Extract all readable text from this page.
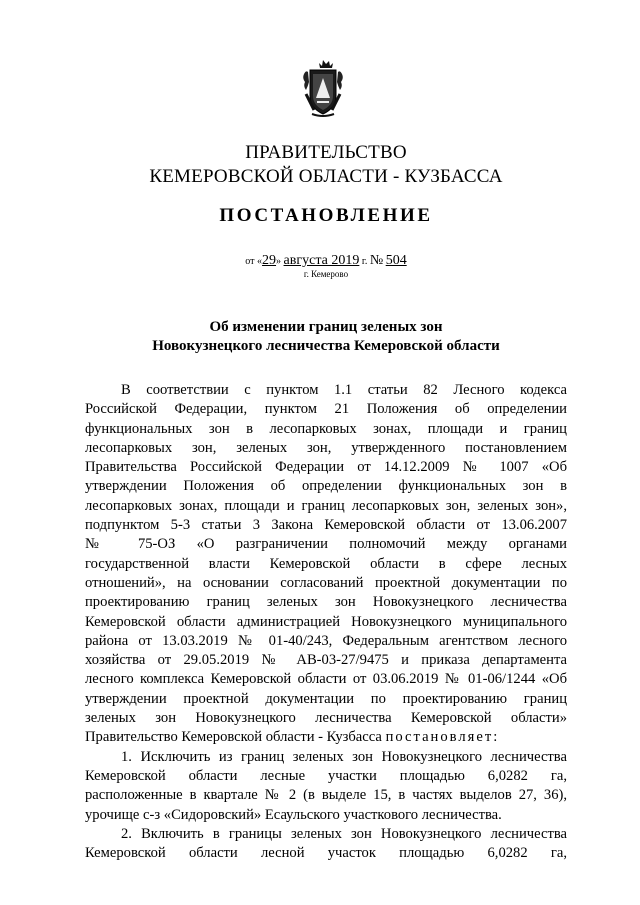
ПРАВИТЕЛЬСТВО
КЕМЕРОВСКОЙ ОБЛАСТИ - КУЗБАССА
ПОСТАНОВЛЕНИЕ
от «29» августа 2019 г. № 504
г. Кемерово
Об изменении границ зеленых зон
Новокузнецкого лесничества Кемеровской области
В соответствии с пунктом 1.1 статьи 82 Лесного кодекса
Российской Федерации, пунктом 21 Положения об определении
функциональных зон в лесопарковых зонах, площади и границ
лесопарковых зон, зеленых зон, утвержденного постановлением
Правительства Российской Федерации от 14.12.2009 № 1007 «Об
утверждении Положения об определении функциональных зон в
лесопарковых зонах, площади и границ лесопарковых зон, зеленых зон»,
подпунктом 5-3 статьи 3 Закона Кемеровской области от 13.06.2007
№ 75-ОЗ «О разграничении полномочий между органами
государственной власти Кемеровской области в сфере лесных
отношений», на основании согласований проектной документации по
проектированию границ зеленых зон Новокузнецкого лесничества
Кемеровской области администрацией Новокузнецкого муниципального
района от 13.03.2019 № 01-40/243, Федеральным агентством лесного
хозяйства от 29.05.2019 № АВ-03-27/9475 и приказа департамента
лесного комплекса Кемеровской области от 03.06.2019 № 01-06/1244 «Об
утверждении проектной документации по проектированию границ
зеленых зон Новокузнецкого лесничества Кемеровской области»
Правительство Кемеровской области - Кузбасса постановляет:
1. Исключить из границ зеленых зон Новокузнецкого лесничества
Кемеровской области лесные участки площадью 6,0282 га,
расположенные в квартале № 2 (в выделе 15, в частях выделов 27, 36),
урочище с-з «Сидоровский» Есаульского участкового лесничества.
2. Включить в границы зеленых зон Новокузнецкого лесничества
Кемеровской области лесной участок площадью 6,0282 га,
